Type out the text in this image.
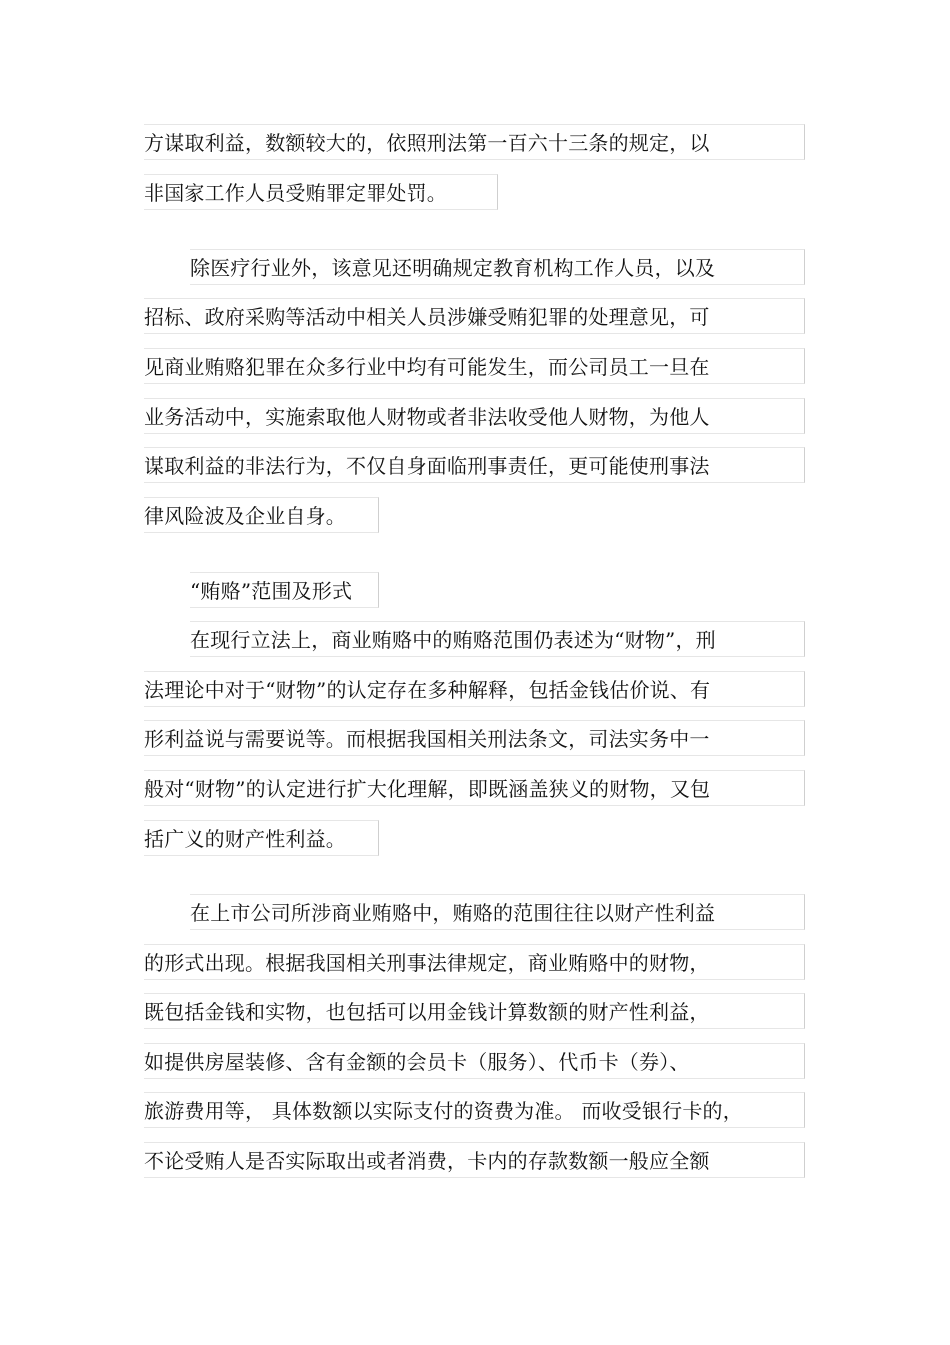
方谋取利益，数额较大的，依照刑法第一百六十三条的规定，以
非国家工作人员受贿罪定罪处罚。
除医疗行业外，该意见还明确规定教育机构工作人员，以及
招标、政府采购等活动中相关人员涉嫌受贿犯罪的处理意见，可
见商业贿赂犯罪在众多行业中均有可能发生，而公司员工一旦在
业务活动中，实施索取他人财物或者非法收受他人财物，为他人
谋取利益的非法行为，不仅自身面临刑事责任，更可能使刑事法
律风险波及企业自身。
“贿赂”范围及形式
在现行立法上，商业贿赂中的贿赂范围仍表述为“财物”，刑
法理论中对于“财物”的认定存在多种解释，包括金钱估价说、有
形利益说与需要说等。而根据我国相关刑法条文，司法实务中一
般对“财物”的认定进行扩大化理解，即既涵盖狭义的财物，又包
括广义的财产性利益。
在上市公司所涉商业贿赂中，贿赂的范围往往以财产性利益
的形式出现。根据我国相关刑事法律规定，商业贿赂中的财物，
既包括金钱和实物，也包括可以用金钱计算数额的财产性利益，
如提供房屋装修、含有金额的会员卡（服务）、代币卡（券）、
旅游费用等， 具体数额以实际支付的资费为准。 而收受银行卡的，
不论受贿人是否实际取出或者消费，卡内的存款数额一般应全额
